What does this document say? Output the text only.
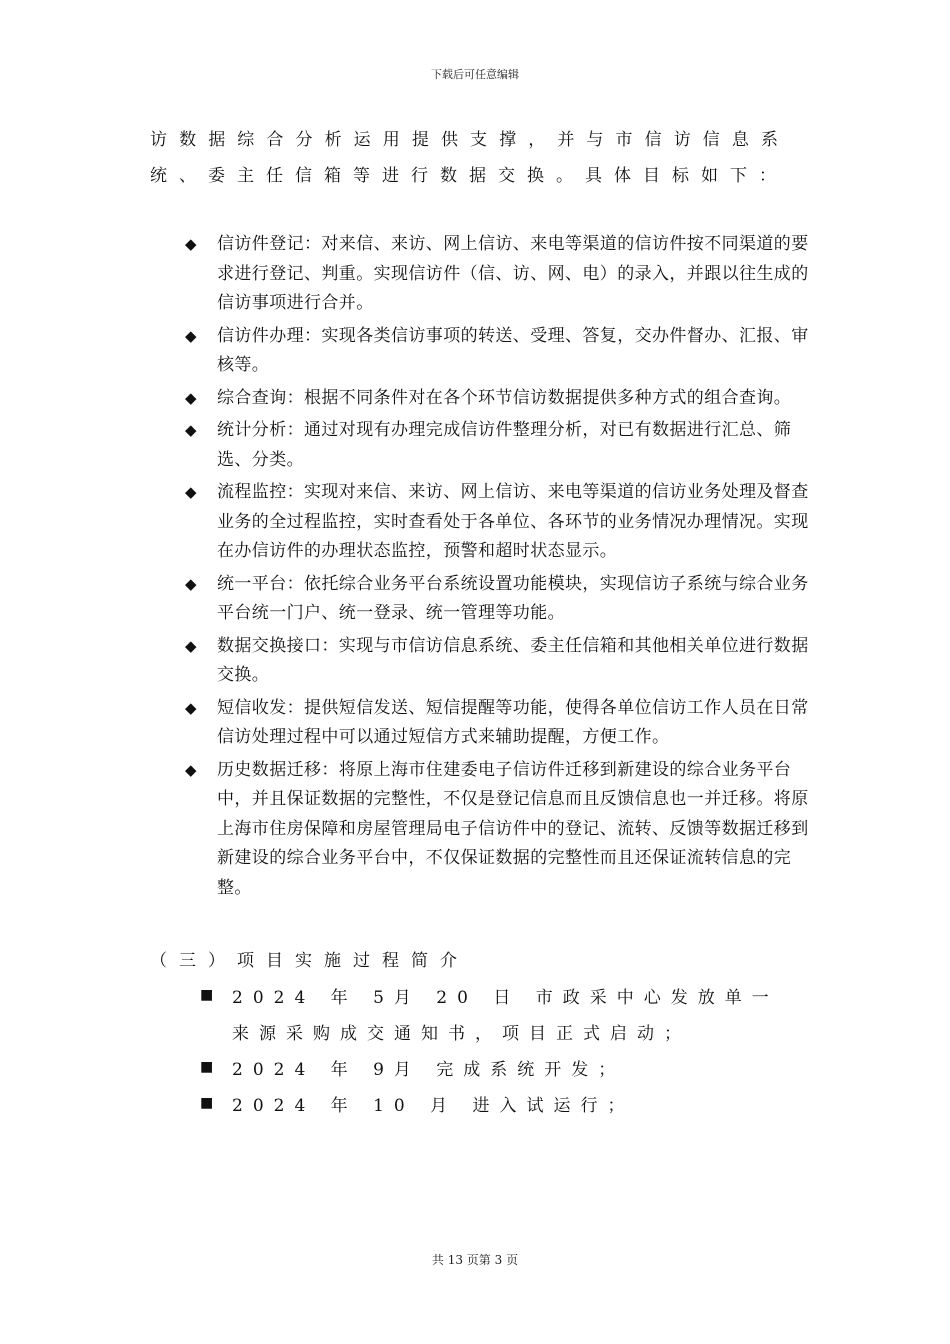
下载后可任意编辑
访数据综合分析运用提供支撑，并与市信访信息系统、委主任信箱等进行数据交换。具体目标如下：
◆	信访件登记：对来信、来访、网上信访、来电等渠道的信访件按不同渠道的要求进行登记、判重。实现信访件（信、访、网、电）的录入，并跟以往生成的信访事项进行合并。
◆	信访件办理：实现各类信访事项的转送、受理、答复，交办件督办、汇报、审核等。
◆	综合查询：根据不同条件对在各个环节信访数据提供多种方式的组合查询。
◆	统计分析：通过对现有办理完成信访件整理分析，对已有数据进行汇总、筛选、分类。
◆	流程监控：实现对来信、来访、网上信访、来电等渠道的信访业务处理及督查业务的全过程监控，实时查看处于各单位、各环节的业务情况办理情况。实现在办信访件的办理状态监控，预警和超时状态显示。
◆	统一平台：依托综合业务平台系统设置功能模块，实现信访子系统与综合业务平台统一门户、统一登录、统一管理等功能。
◆	数据交换接口：实现与市信访信息系统、委主任信箱和其他相关单位进行数据交换。
◆	短信收发：提供短信发送、短信提醒等功能，使得各单位信访工作人员在日常信访处理过程中可以通过短信方式来辅助提醒，方便工作。
◆	历史数据迁移：将原上海市住建委电子信访件迁移到新建设的综合业务平台中，并且保证数据的完整性，不仅是登记信息而且反馈信息也一并迁移。将原上海市住房保障和房屋管理局电子信访件中的登记、流转、反馈等数据迁移到新建设的综合业务平台中，不仅保证数据的完整性而且还保证流转信息的完整。
（三）项目实施过程简介
■	2024 年 5月 20 日 市政采中心发放单一来源采购成交通知书，项目正式启动；
■	2024 年 9月 完成系统开发；
■	2024 年 10 月 进入试运行；
共 13 页第 3 页
